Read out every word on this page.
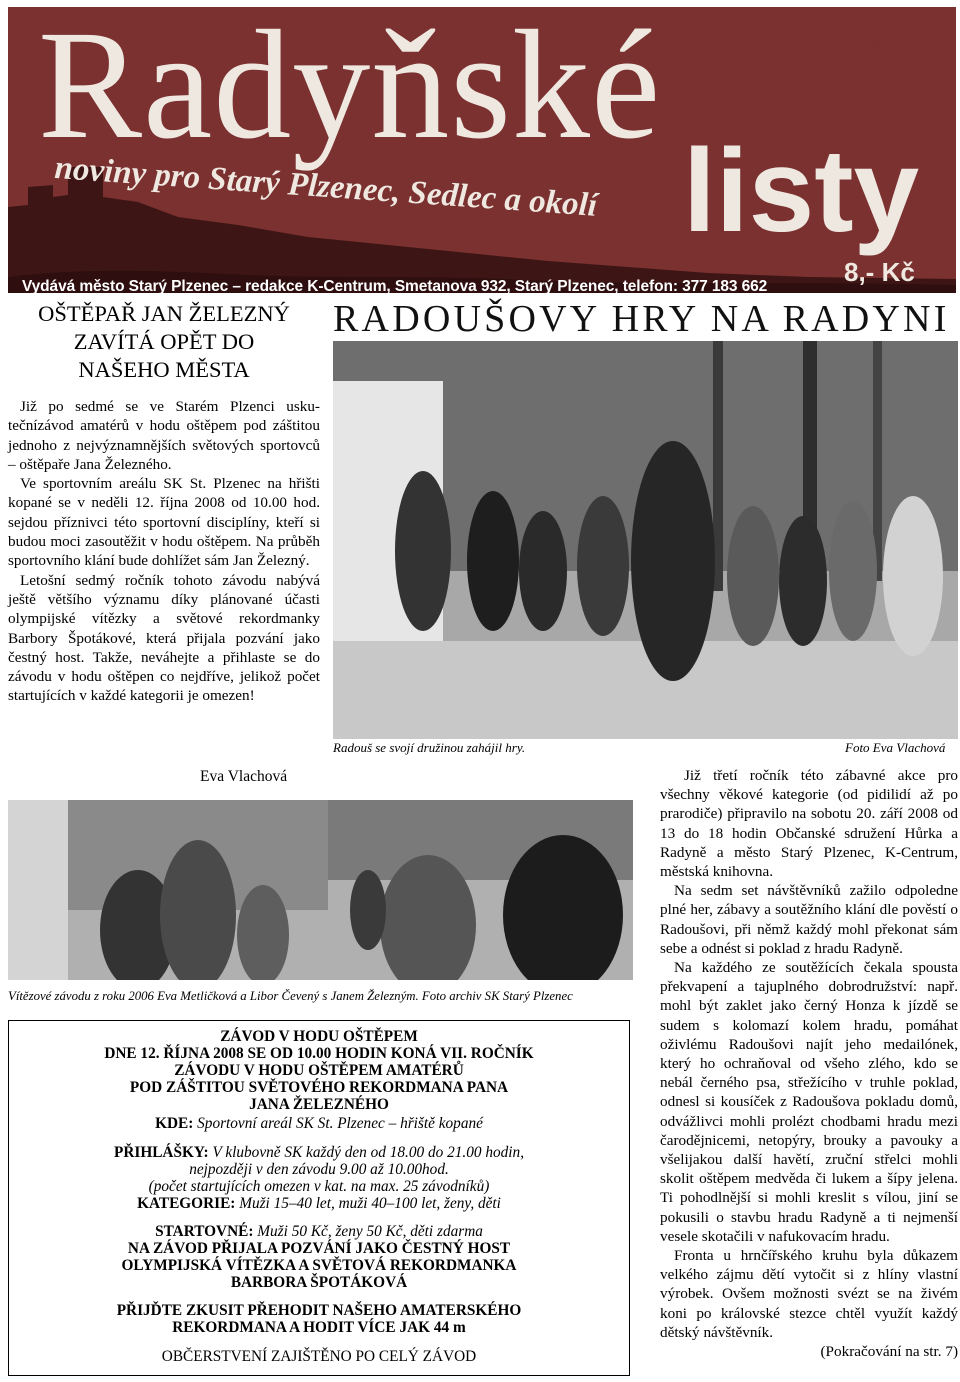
Radyňské
listy
noviny pro Starý Plzenec, Sedlec a okolí
Vydává město Starý Plzenec – redakce K-Centrum, Smetanova 932, Starý Plzenec, telefon: 377 183 662	8,- Kč
ŘÍJEN 2008
OŠTĚPAŘ JAN ŽELEZNÝ
ZAVÍTÁ OPĚT DO
NAŠEHO MĚSTA

Již po sedmé se ve Starém Plzenci usku-tečnízávod amatérů v hodu oštěpem pod záštitou jednoho z nejvýznamnějších světových sportovců – oštěpaře Jana Železného.

Ve sportovním areálu SK St. Plzenec na hřišti kopané se v neděli 12. října 2008 od 10.00 hod. sejdou příznivci této sportovní disciplíny, kteří si budou moci zasoutěžit v hodu oštěpem. Na průběh sportovního klání bude dohlížet sám Jan Železný.

Letošní sedmý ročník tohoto závodu nabývá ještě většího významu díky plánované účasti olympijské vítězky a světové rekordmanky Barbory Špotákové, která přijala pozvání jako čestný host. Takže, neváhejte a přihlaste se do závodu v hodu oštěpen co nejdříve, jelikož počet startujících v každé kategorii je omezen!

Eva Vlachová
RADOUŠOVY HRY NA RADYNI
Radouš se svojí družinou zahájil hry.	Foto Eva Vlachová
Vítězové závodu z roku 2006 Eva Metličková a Libor Čevený s Janem Železným. Foto archiv SK Starý Plzenec

Již třetí ročník této zábavné akce pro všechny věkové kategorie (od pidilidí až po prarodiče) připravilo na sobotu 20. září 2008 od 13 do 18 hodin Občanské sdružení Hůrka a Radyně a město Starý Plzenec, K-Centrum, městská knihovna.

Na sedm set návštěvníků zažilo odpoledne plné her, zábavy a soutěžního klání dle pověstí o Radoušovi, při němž každý mohl překonat sám sebe a odnést si poklad z hradu Radyně.

Na každého ze soutěžících čekala spousta překvapení a tajuplného dobrodružství: např. mohl být zaklet jako černý Honza k jízdě se sudem s kolomazí kolem hradu, pomáhat oživlému Radoušovi najít jeho medailónek, který ho ochraňoval od všeho zlého, kdo se nebál černého psa, střežícího v truhle poklad, odnesl si kousíček z Radoušova pokladu domů, odvážlivci mohli prolézt chodbami hradu mezi čarodějnicemi, netopýry, brouky a pavouky a všelijakou další havětí, zruční střelci mohli skolit oštěpem medvěda či lukem a šípy jelena. Ti pohodlnější si mohli kreslit s vílou, jiní se pokusili o stavbu hradu Radyně a ti nejmenší vesele skotačili v nafukovacím hradu.

Fronta u hrnčířského kruhu byla důkazem velkého zájmu dětí vytočit si z hlíny vlastní výrobek. Ovšem možnosti svézt se na živém koni po královské stezce chtěl využít každý dětský návštěvník.

(Pokračování na str. 7)
ZÁVOD V HODU OŠTĚPEM
DNE 12. ŘÍJNA 2008 SE OD 10.00 HODIN KONÁ VII. ROČNÍK
ZÁVODU V HODU OŠTĚPEM AMATÉRŮ
POD ZÁŠTITOU SVĚTOVÉHO REKORDMANA PANA
JANA ŽELEZNÉHO
KDE: Sportovní areál SK St. Plzenec – hřiště kopané
PŘIHLÁŠKY: V klubovně SK každý den od 18.00 do 21.00 hodin,
nejpozději v den závodu 9.00 až 10.00hod.
(počet startujících omezen v kat. na max. 25 závodníků)
KATEGORIE: Muži 15–40 let, muži 40–100 let, ženy, děti
STARTOVNÉ: Muži 50 Kč, ženy 50 Kč, děti zdarma
NA ZÁVOD PŘIJALA POZVÁNÍ JAKO ČESTNÝ HOST
OLYMPIJSKÁ VÍTĚZKA A SVĚTOVÁ REKORDMANKA
BARBORA ŠPOTÁKOVÁ
PŘIJĎTE ZKUSIT PŘEHODIT NAŠEHO AMATERSKÉHO
REKORDMANA A HODIT VÍCE JAK 44 m
OBČERSTVENÍ ZAJIŠTĚNO PO CELÝ ZÁVOD
